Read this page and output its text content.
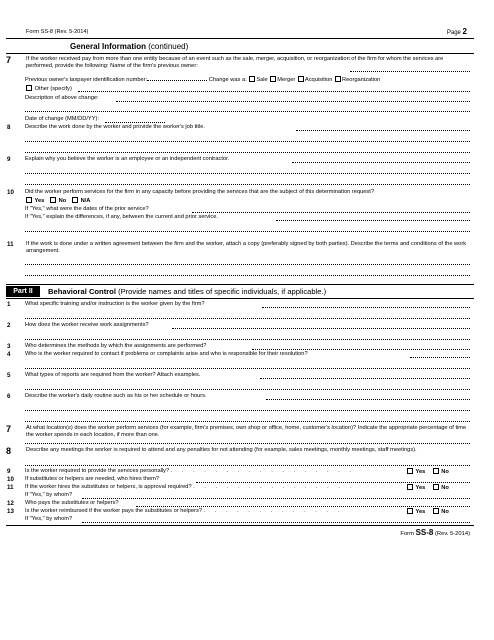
Form SS-8 (Rev. 5-2014)	Page 2
General Information (continued)
7	If the worker received pay from more than one entity because of an event such as the sale, merger, acquisition, or reorganization of the firm for whom the services are performed, provide the following: Name of the firm's previous owner:
Previous owner's taxpayer identification number:	Change was a: Sale Merger Acquisition Reorganization
Other (specify)
Description of above change:
Date of change (MM/DD/YY):
8	Describe the work done by the worker and provide the worker's job title.
9	Explain why you believe the worker is an employee or an independent contractor.
10	Did the worker perform services for the firm in any capacity before providing the services that are the subject of this determination request?
Yes	No	N/A
If "Yes," what were the dates of the prior service?
If "Yes," explain the differences, if any, between the current and prior service.
11	If the work is done under a written agreement between the firm and the worker, attach a copy (preferably signed by both parties). Describe the terms and conditions of the work arrangement.
Part II	Behavioral Control (Provide names and titles of specific individuals, if applicable.)
1	What specific training and/or instruction is the worker given by the firm?
2	How does the worker receive work assignments?
3	Who determines the methods by which the assignments are performed?
4	Who is the worker required to contact if problems or complaints arise and who is responsible for their resolution?
5	What types of reports are required from the worker? Attach examples.
6	Describe the worker's daily routine such as his or her schedule or hours.
7	At what location(s) does the worker perform services (for example, firm's premises, own shop or office, home, customer's location)? Indicate the appropriate percentage of time the worker spends in each location, if more than one.
8	Describe any meetings the worker is required to attend and any penalties for not attending (for example, sales meetings, monthly meetings, staff meetings).
9	Is the worker required to provide the services personally? . . . . . . . . . . . . . . . . .	Yes	No
10	If substitutes or helpers are needed, who hires them?
11	If the worker hires the substitutes or helpers, is approval required? . . . . . . . . . . . . . . .	Yes	No
If "Yes," by whom?
12	Who pays the substitutes or helpers?
13	Is the worker reimbursed if the worker pays the substitutes or helpers? . . . . . . . . . . . . .	Yes	No
If "Yes," by whom?
Form SS-8 (Rev. 5-2014)
